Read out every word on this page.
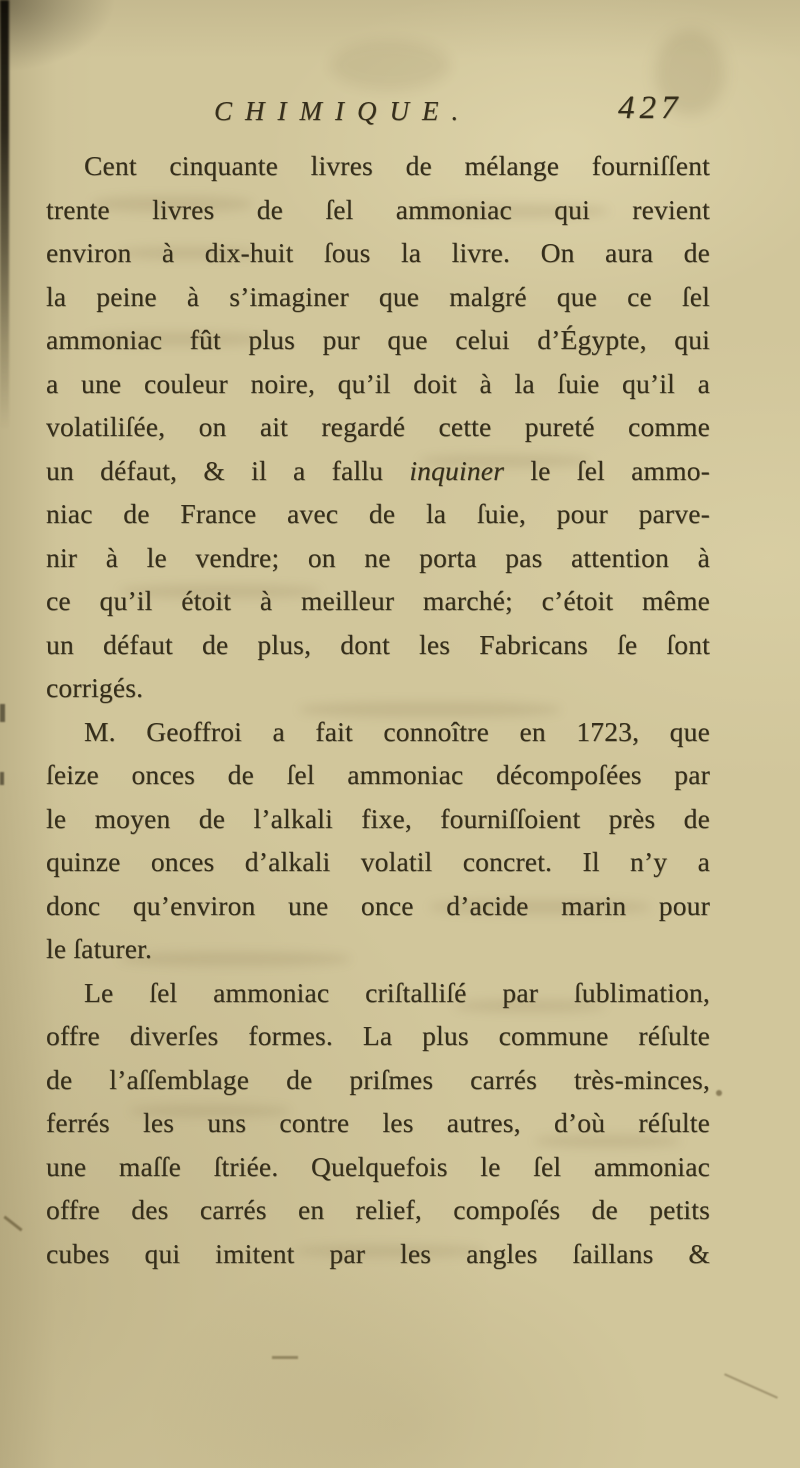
CHIMIQUE.	427
Cent cinquante livres de mélange fourniſſent
trente livres de ſel ammoniac qui revient
environ à dix-huit ſous la livre. On aura de
la peine à s’imaginer que malgré que ce ſel
ammoniac fût plus pur que celui d’Égypte, qui
a une couleur noire, qu’il doit à la ſuie qu’il a
volatiliſée, on ait regardé cette pureté comme
un défaut, & il a fallu inquiner le ſel ammo-
niac de France avec de la ſuie, pour parve-
nir à le vendre; on ne porta pas attention à
ce qu’il étoit à meilleur marché; c’étoit même
un défaut de plus, dont les Fabricans ſe ſont
corrigés.
M. Geoffroi a fait connoître en 1723, que
ſeize onces de ſel ammoniac décompoſées par
le moyen de l’alkali fixe, fourniſſoient près de
quinze onces d’alkali volatil concret. Il n’y a
donc qu’environ une once d’acide marin pour
le ſaturer.
Le ſel ammoniac criſtalliſé par ſublimation,
offre diverſes formes. La plus commune réſulte
de l’aſſemblage de priſmes carrés très-minces,
ferrés les uns contre les autres, d’où réſulte
une maſſe ſtriée. Quelquefois le ſel ammoniac
offre des carrés en relief, compoſés de petits
cubes qui imitent par les angles ſaillans &
